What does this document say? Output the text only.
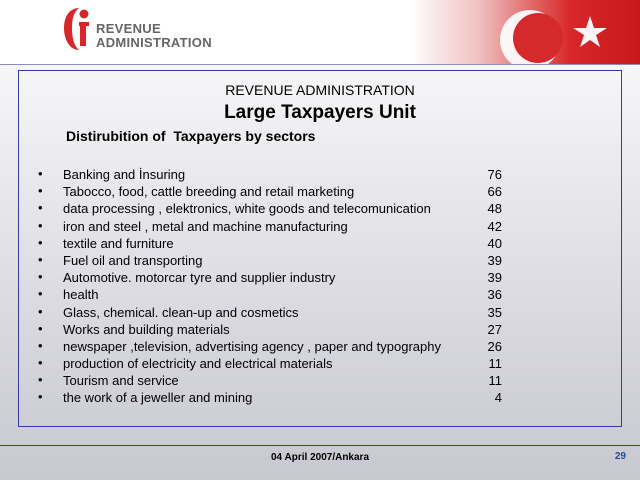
REVENUE
ADMINISTRATION
REVENUE ADMINISTRATION
Large Taxpayers Unit
Distirubition of  Taxpayers by sectors
• Banking and İnsuring	76
• Tabocco, food, cattle breeding and retail marketing	66
• data processing , elektronics, white goods and telecomunication	48
• iron and steel , metal and machine manufacturing	42
• textile and furniture	40
• Fuel oil and transporting	39
• Automotive. motorcar tyre and supplier industry	39
• health	36
• Glass, chemical. clean-up and cosmetics	35
• Works and building materials	27
• newspaper ,television, advertising agency , paper and typography	26
• production of electricity and electrical materials	11
• Tourism and service	11
• the work of a jeweller and mining	4
04 April 2007/Ankara	29
